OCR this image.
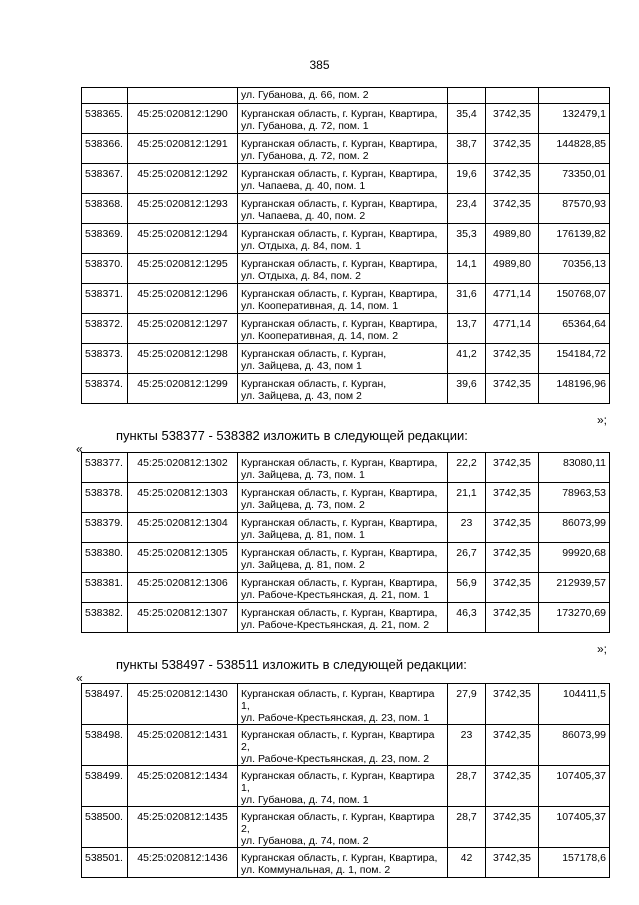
385

		ул. Губанова, д. 66, пом. 2			

538365.	45:25:020812:1290	Курганская область, г. Курган, Квартира,
ул. Губанова, д. 72, пом. 1	35,4	3742,35	132479,1

538366.	45:25:020812:1291	Курганская область, г. Курган, Квартира,
ул. Губанова, д. 72, пом. 2	38,7	3742,35	144828,85

538367.	45:25:020812:1292	Курганская область, г. Курган, Квартира,
ул. Чапаева, д. 40, пом. 1	19,6	3742,35	73350,01

538368.	45:25:020812:1293	Курганская область, г. Курган, Квартира,
ул. Чапаева, д. 40, пом. 2	23,4	3742,35	87570,93

538369.	45:25:020812:1294	Курганская область, г. Курган, Квартира,
ул. Отдыха, д. 84, пом. 1	35,3	4989,80	176139,82

538370.	45:25:020812:1295	Курганская область, г. Курган, Квартира,
ул. Отдыха, д. 84, пом. 2	14,1	4989,80	70356,13

538371.	45:25:020812:1296	Курганская область, г. Курган, Квартира,
ул. Кооперативная, д. 14, пом. 1	31,6	4771,14	150768,07

538372.	45:25:020812:1297	Курганская область, г. Курган, Квартира,
ул. Кооперативная, д. 14, пом. 2	13,7	4771,14	65364,64

538373.	45:25:020812:1298	Курганская область, г. Курган,
ул. Зайцева, д. 43, пом 1	41,2	3742,35	154184,72

538374.	45:25:020812:1299	Курганская область, г. Курган,
ул. Зайцева, д. 43, пом 2	39,6	3742,35	148196,96
»;
пункты 538377 - 538382 изложить в следующей редакции:
«
538377.	45:25:020812:1302	Курганская область, г. Курган, Квартира,
ул. Зайцева, д. 73, пом. 1	22,2	3742,35	83080,11

538378.	45:25:020812:1303	Курганская область, г. Курган, Квартира,
ул. Зайцева, д. 73, пом. 2	21,1	3742,35	78963,53

538379.	45:25:020812:1304	Курганская область, г. Курган, Квартира,
ул. Зайцева, д. 81, пом. 1	23	3742,35	86073,99

538380.	45:25:020812:1305	Курганская область, г. Курган, Квартира,
ул. Зайцева, д. 81, пом. 2	26,7	3742,35	99920,68

538381.	45:25:020812:1306	Курганская область, г. Курган, Квартира,
ул. Рабоче-Крестьянская, д. 21, пом. 1	56,9	3742,35	212939,57

538382.	45:25:020812:1307	Курганская область, г. Курган, Квартира,
ул. Рабоче-Крестьянская, д. 21, пом. 2	46,3	3742,35	173270,69
»;
пункты 538497 - 538511 изложить в следующей редакции:
«
538497.	45:25:020812:1430	Курганская область, г. Курган, Квартира 1,
ул. Рабоче-Крестьянская, д. 23, пом. 1	27,9	3742,35	104411,5

538498.	45:25:020812:1431	Курганская область, г. Курган, Квартира 2,
ул. Рабоче-Крестьянская, д. 23, пом. 2	23	3742,35	86073,99

538499.	45:25:020812:1434	Курганская область, г. Курган, Квартира 1,
ул. Губанова, д. 74, пом. 1	28,7	3742,35	107405,37

538500.	45:25:020812:1435	Курганская область, г. Курган, Квартира 2,
ул. Губанова, д. 74, пом. 2	28,7	3742,35	107405,37

538501.	45:25:020812:1436	Курганская область, г. Курган, Квартира,
ул. Коммунальная, д. 1, пом. 2	42	3742,35	157178,6
